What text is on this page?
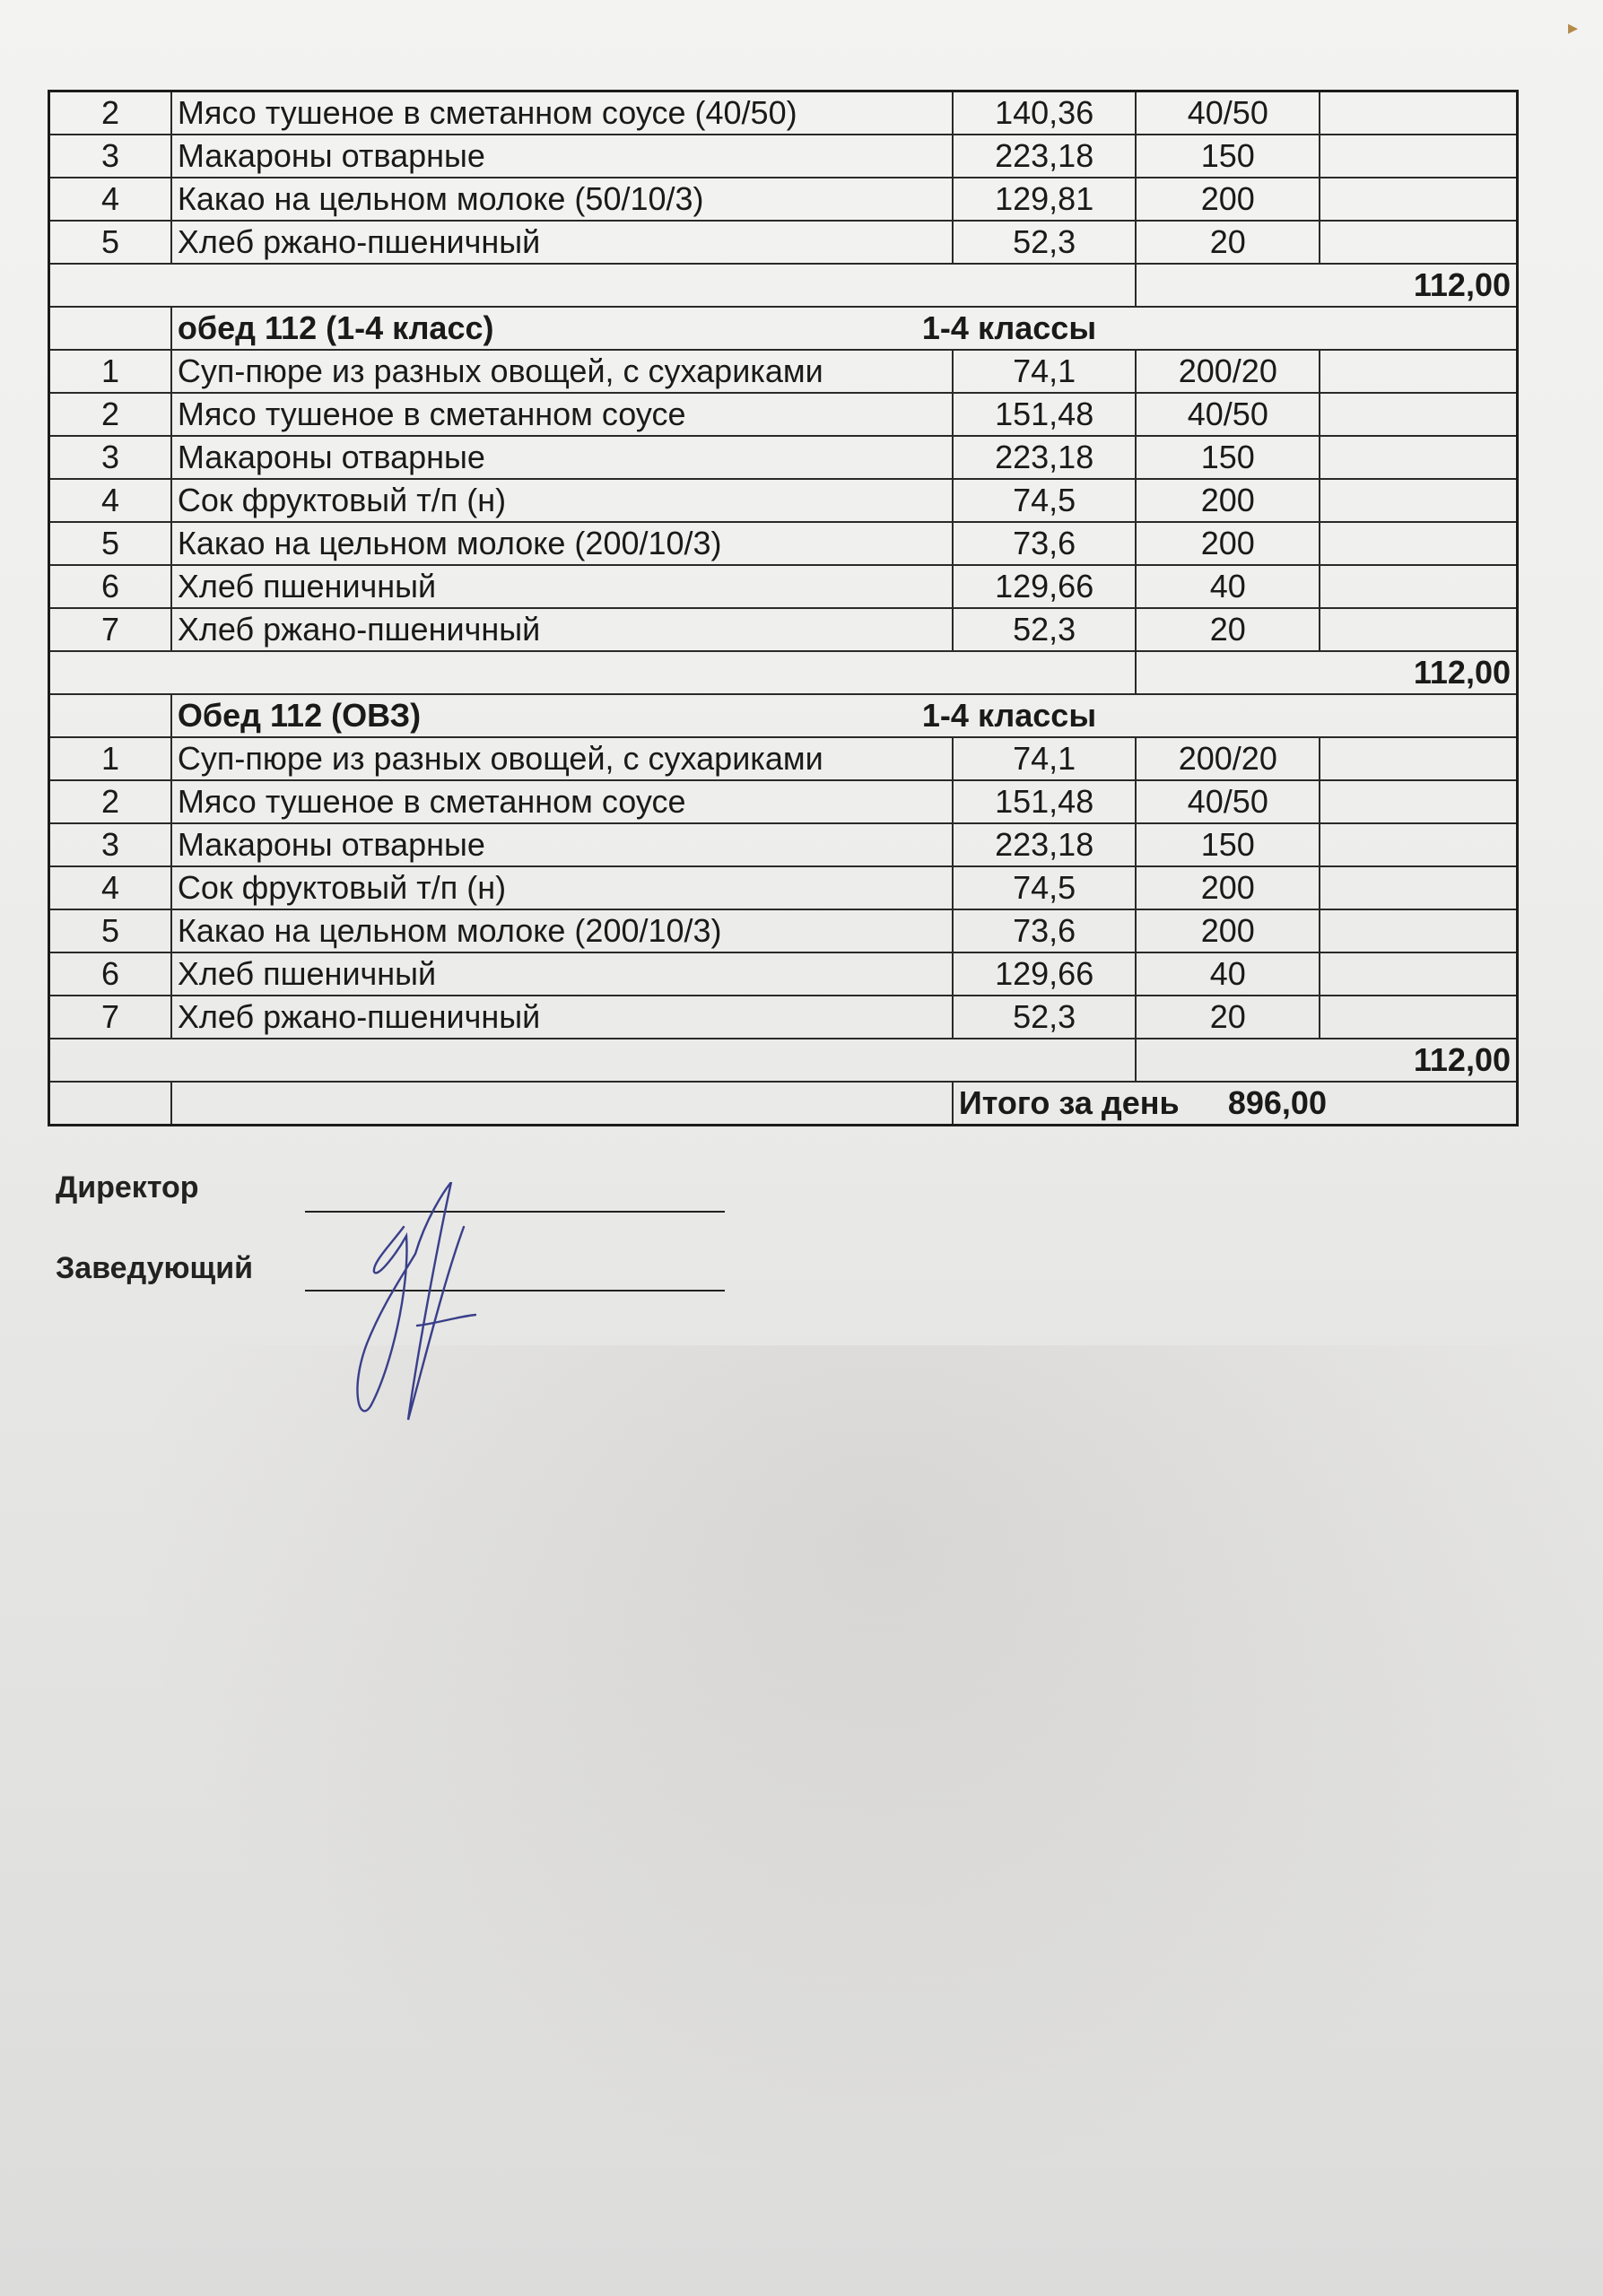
▸
2	Мясо тушеное в сметанном соусе (40/50)	140,36	40/50	
3	Макароны отварные	223,18	150	
4	Какао на цельном молоке (50/10/3)	129,81	200	
5	Хлеб ржано-пшеничный	52,3	20	
			112,00	
	обед 112 (1-4 класс) 1-4 классы			
1	Суп-пюре из разных овощей, с сухариками	74,1	200/20	
2	Мясо тушеное в сметанном соусе	151,48	40/50	
3	Макароны отварные	223,18	150	
4	Сок фруктовый т/п (н)	74,5	200	
5	Какао на цельном молоке (200/10/3)	73,6	200	
6	Хлеб пшеничный	129,66	40	
7	Хлеб ржано-пшеничный	52,3	20	
			112,00	
	Обед 112 (ОВЗ) 1-4 классы			
1	Суп-пюре из разных овощей, с сухариками	74,1	200/20	
2	Мясо тушеное в сметанном соусе	151,48	40/50	
3	Макароны отварные	223,18	150	
4	Сок фруктовый т/п (н)	74,5	200	
5	Какао на цельном молоке (200/10/3)	73,6	200	
6	Хлеб пшеничный	129,66	40	
7	Хлеб ржано-пшеничный	52,3	20	
			112,00	
		Итого за день 896,00		
Директор
Заведующий
